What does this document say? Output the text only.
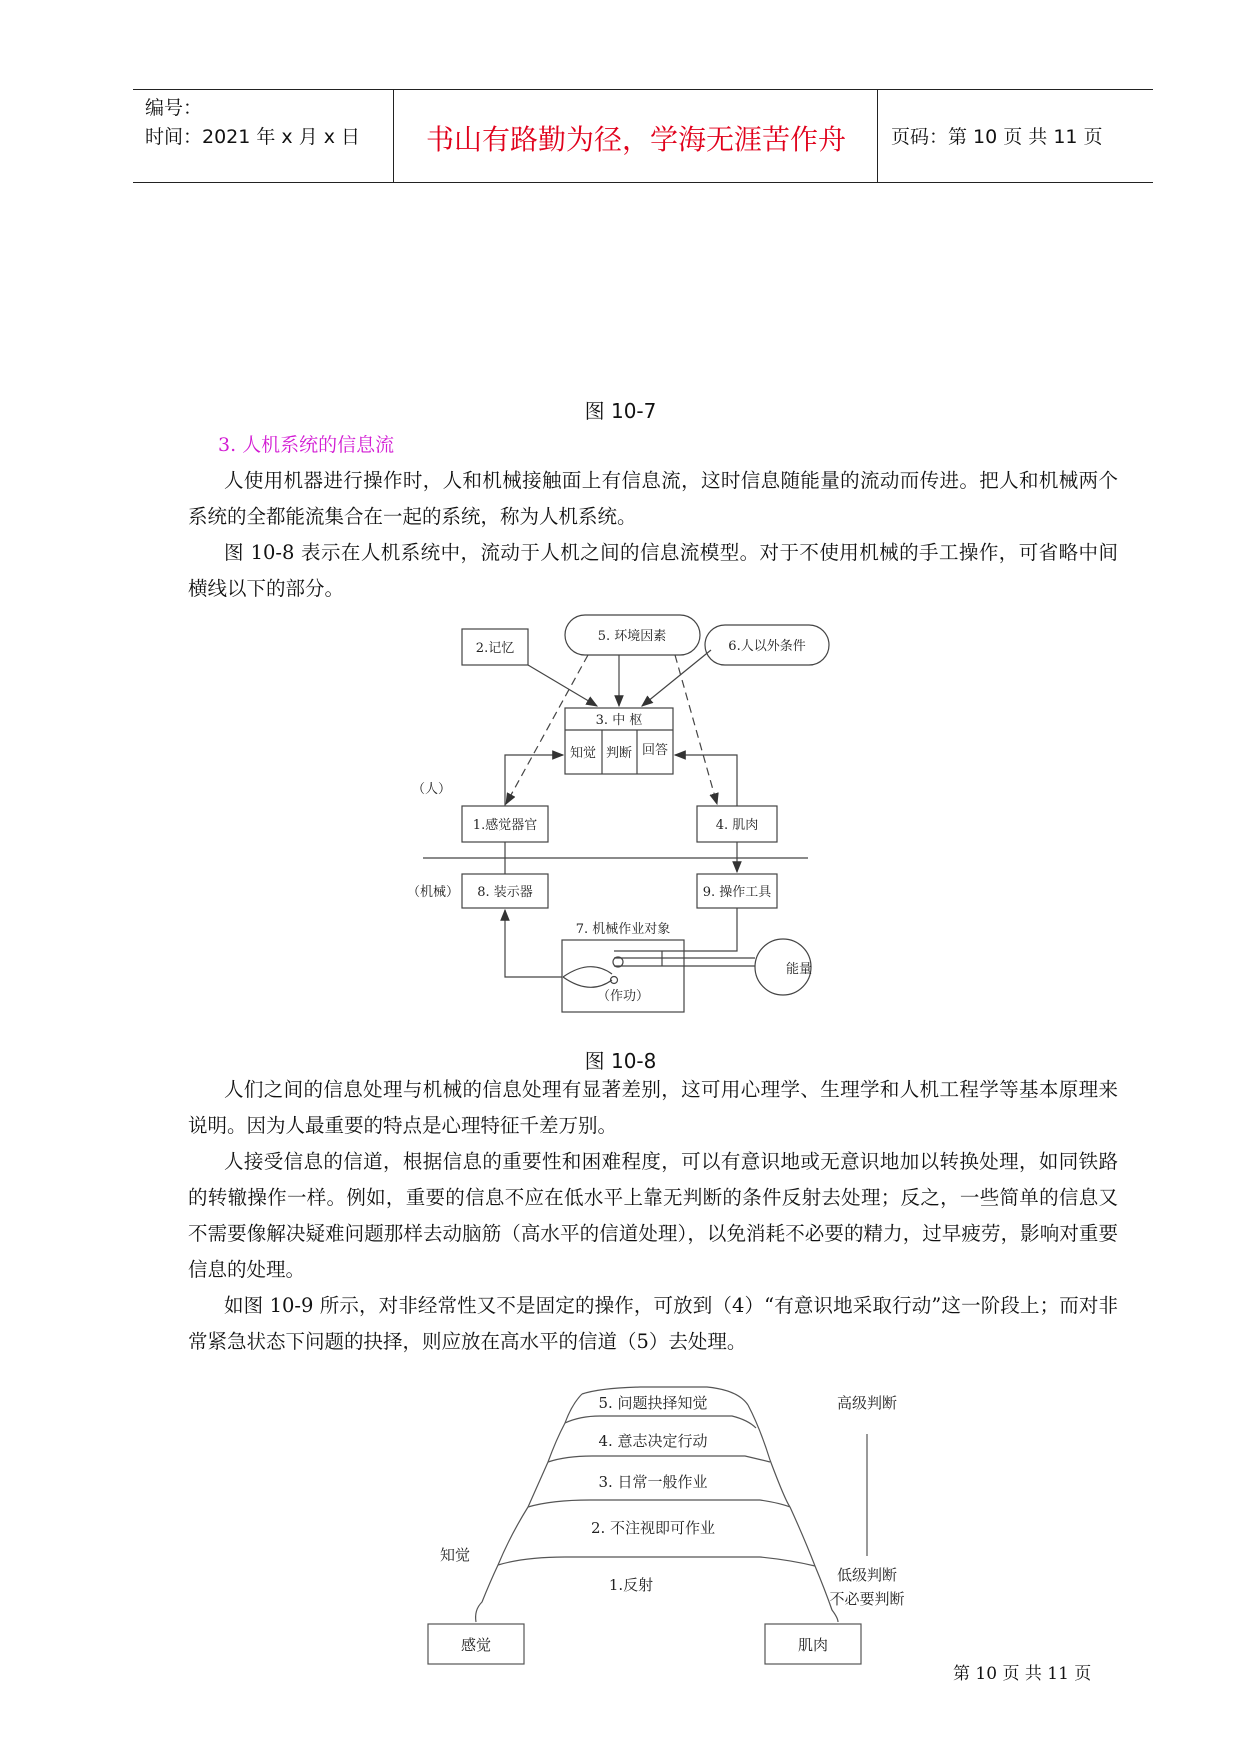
编号：
时间：2021 年 x 月 x 日	书山有路勤为径，学海无涯苦作舟	页码：第 10 页 共 11 页
图 10-7
3. 人机系统的信息流
人使用机器进行操作时，人和机械接触面上有信息流，这时信息随能量的流动而传进。把人和机械两个系统的全都能流集合在一起的系统，称为人机系统。
图 10-8 表示在人机系统中，流动于人机之间的信息流模型。对于不使用机械的手工操作，可省略中间横线以下的部分。
2.记忆
5. 环境因素
6.人以外条件
3. 中 枢
知觉 判断 回答
（人）
1.感觉器官	4. 肌肉
（机械） 8. 装示器	9. 操作工具
7. 机械作业对象
（作功）
能量
图 10-8
人们之间的信息处理与机械的信息处理有显著差别，这可用心理学、生理学和人机工程学等基本原理来说明。因为人最重要的特点是心理特征千差万别。
人接受信息的信道，根据信息的重要性和困难程度，可以有意识地或无意识地加以转换处理，如同铁路的转辙操作一样。例如，重要的信息不应在低水平上靠无判断的条件反射去处理；反之，一些简单的信息又不需要像解决疑难问题那样去动脑筋（高水平的信道处理），以免消耗不必要的精力，过早疲劳，影响对重要信息的处理。
如图 10-9 所示，对非经常性又不是固定的操作，可放到（4）“有意识地采取行动”这一阶段上；而对非常紧急状态下问题的抉择，则应放在高水平的信道（5）去处理。
5. 问题抉择知觉
4. 意志决定行动
3. 日常一般作业
2. 不注视即可作业
1.反射
高级判断
低级判断
不必要判断
知觉
感觉	肌肉
第 10 页 共 11 页
